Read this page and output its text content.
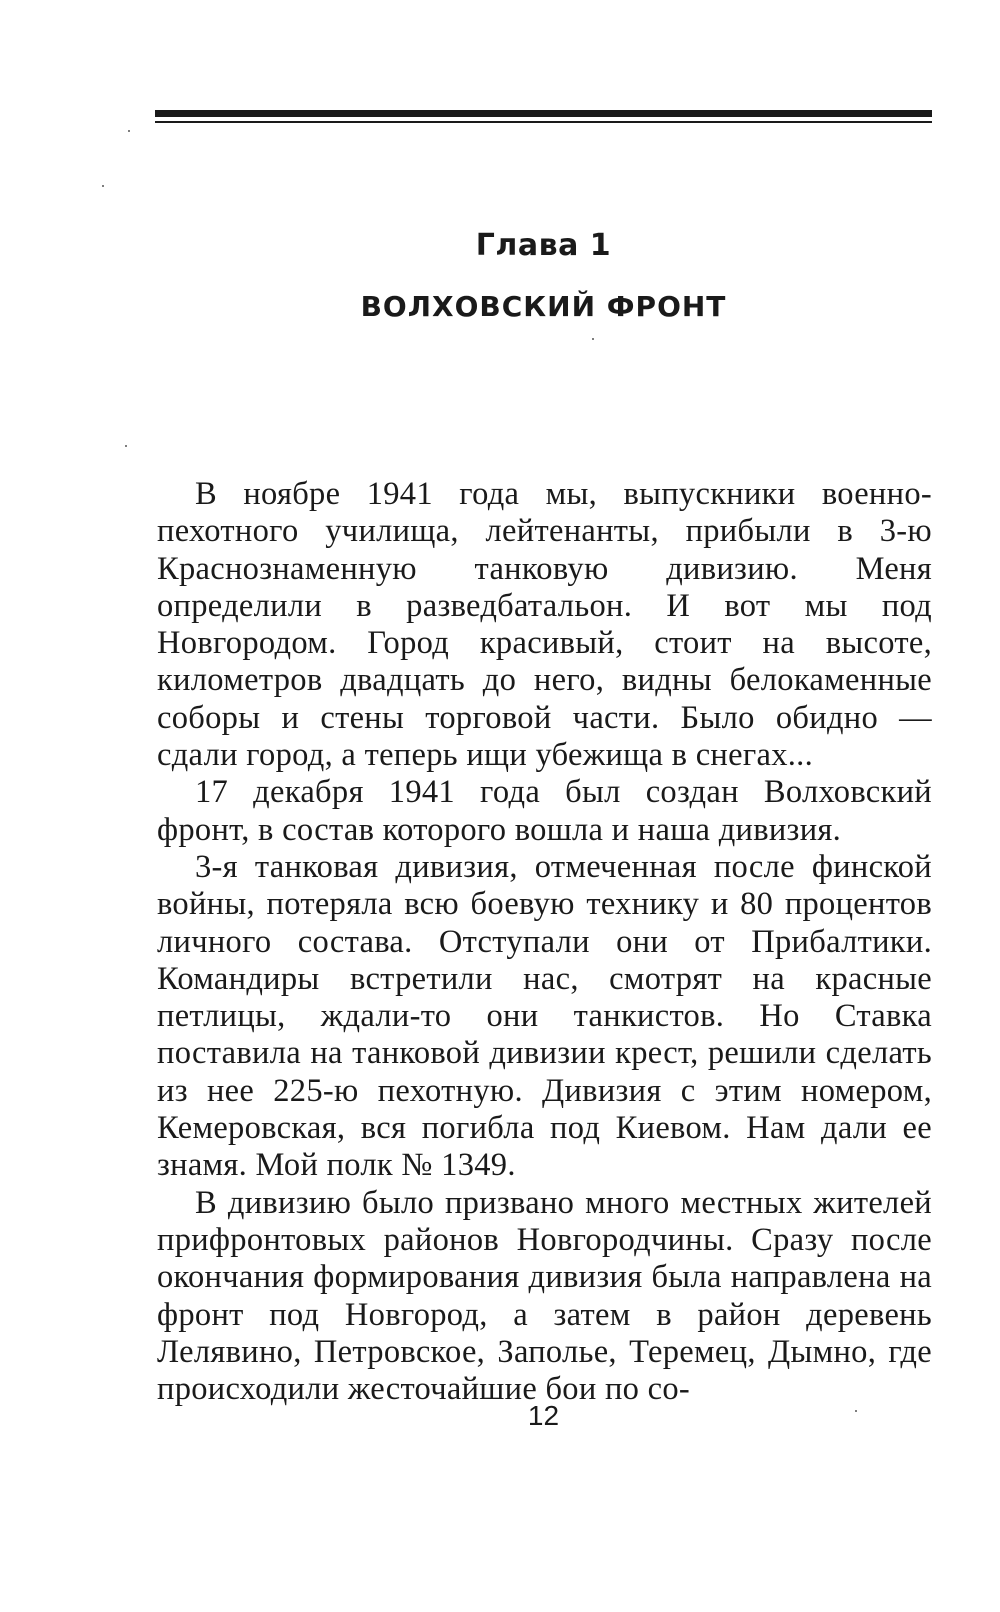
Глава 1
ВОЛХОВСКИЙ ФРОНТ

В ноябре 1941 года мы, выпускники военно-пехотного училища, лейтенанты, прибыли в 3-ю Краснознаменную танковую дивизию. Меня определили в разведбатальон. И вот мы под Новгородом. Город красивый, стоит на высоте, километров двадцать до него, видны белокаменные соборы и стены торговой части. Было обидно — сдали город, а теперь ищи убежища в снегах...

17 декабря 1941 года был создан Волховский фронт, в состав которого вошла и наша дивизия.

3-я танковая дивизия, отмеченная после финской войны, потеряла всю боевую технику и 80 процентов личного состава. Отступали они от Прибалтики. Командиры встретили нас, смотрят на красные петлицы, ждали-то они танкистов. Но Ставка поставила на танковой дивизии крест, решили сделать из нее 225-ю пехотную. Дивизия с этим номером, Кемеровская, вся погибла под Киевом. Нам дали ее знамя. Мой полк № 1349.

В дивизию было призвано много местных жителей прифронтовых районов Новгородчины. Сразу после окончания формирования дивизия была направлена на фронт под Новгород, а затем в район деревень Лелявино, Петровское, Заполье, Теремец, Дымно, где происходили жесточайшие бои по со-

12
